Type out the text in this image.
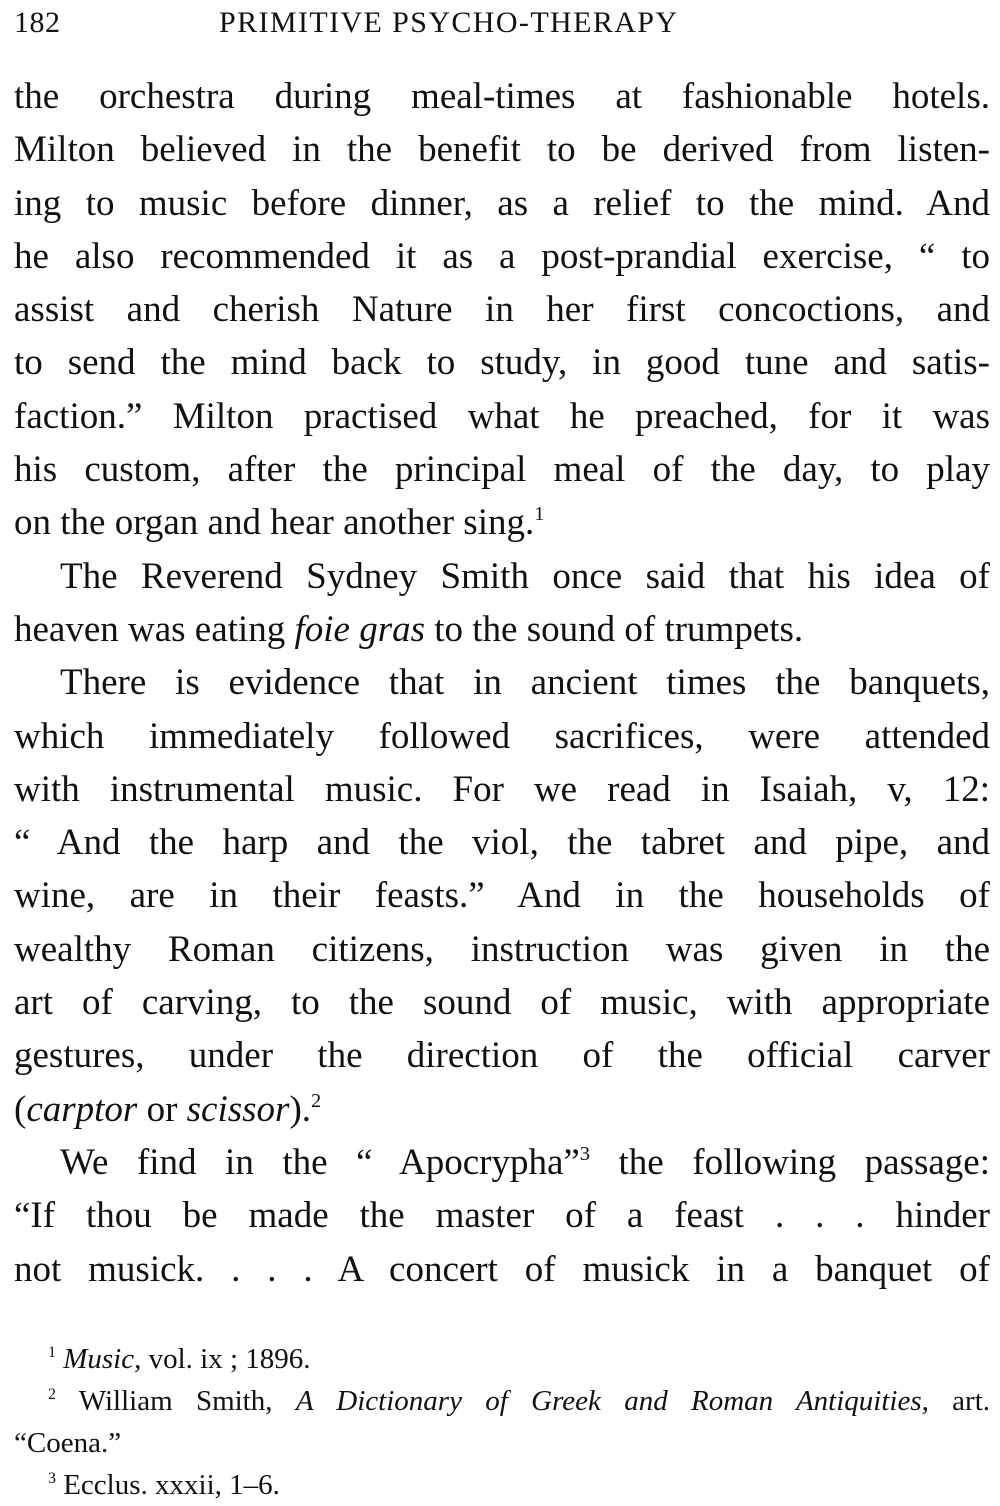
182	PRIMITIVE PSYCHO-THERAPY
the orchestra during meal-times at fashionable hotels.
Milton believed in the benefit to be derived from listen-
ing to music before dinner, as a relief to the mind. And
he also recommended it as a post-prandial exercise, “ to
assist and cherish Nature in her first concoctions, and
to send the mind back to study, in good tune and satis-
faction.” Milton practised what he preached, for it was
his custom, after the principal meal of the day, to play
on the organ and hear another sing.$^1$
The Reverend Sydney Smith once said that his idea of
heaven was eating foie gras to the sound of trumpets.
There is evidence that in ancient times the banquets,
which immediately followed sacrifices, were attended
with instrumental music. For we read in Isaiah, v, 12:
“ And the harp and the viol, the tabret and pipe, and
wine, are in their feasts.” And in the households of
wealthy Roman citizens, instruction was given in the
art of carving, to the sound of music, with appropriate
gestures, under the direction of the official carver
(carptor or scissor).$^2$
We find in the “ Apocrypha”$^3$ the following passage:
“If thou be made the master of a feast . . . hinder
not musick. . . . A concert of musick in a banquet of
$^1$ Music, vol. ix ; 1896.
$^2$ William Smith, A Dictionary of Greek and Roman Antiquities, art.
“Coena.”
$^3$ Ecclus. xxxii, 1–6.
